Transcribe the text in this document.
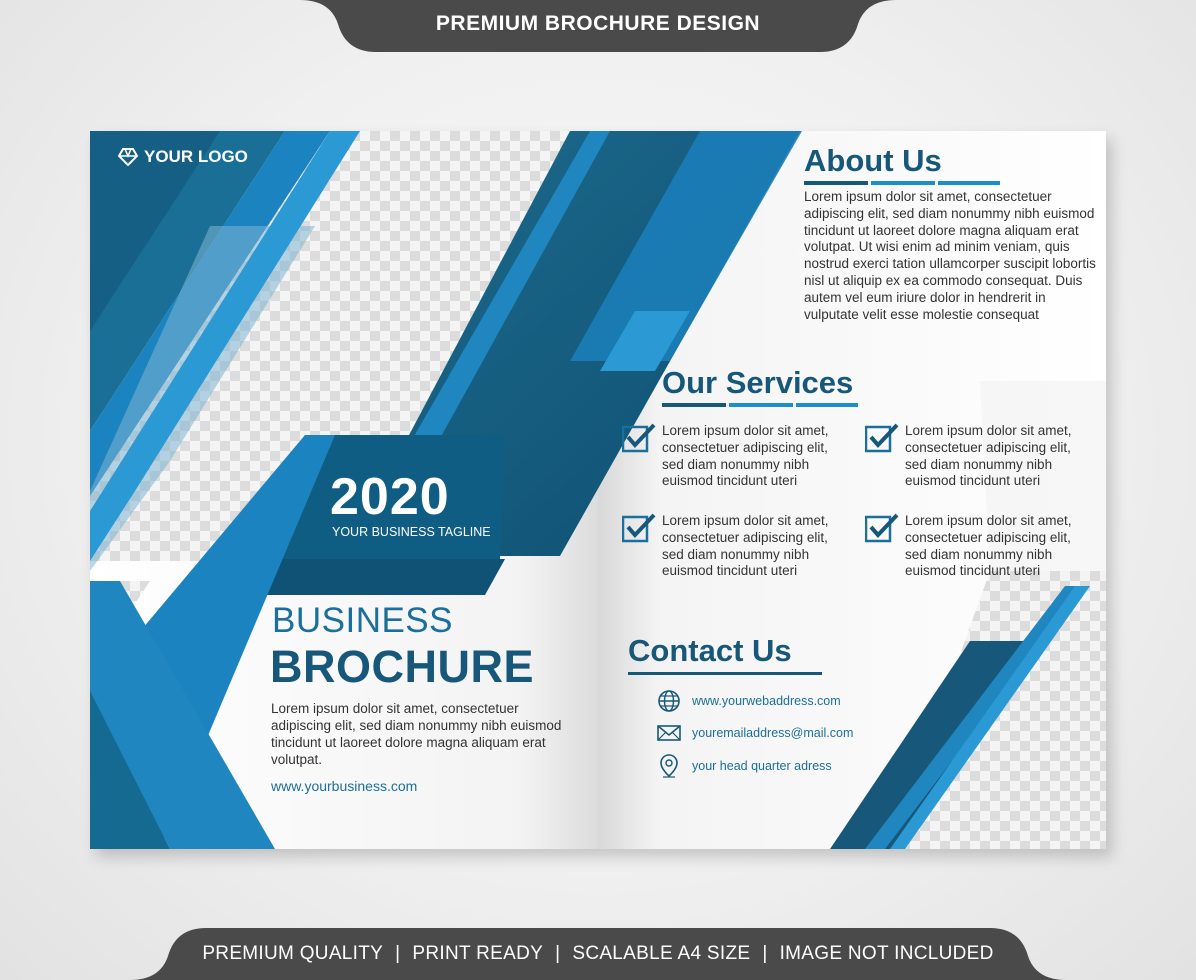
PREMIUM BROCHURE DESIGN
YOUR LOGO
2020
YOUR BUSINESS TAGLINE
BUSINESS
BROCHURE
Lorem ipsum dolor sit amet, consectetuer adipiscing elit, sed diam nonummy nibh euismod tincidunt ut laoreet dolore magna aliquam erat volutpat.
www.yourbusiness.com
About Us
Lorem ipsum dolor sit amet, consectetuer adipiscing elit, sed diam nonummy nibh euismod tincidunt ut laoreet dolore magna aliquam erat volutpat. Ut wisi enim ad minim veniam, quis nostrud exerci tation ullamcorper suscipit lobortis nisl ut aliquip ex ea commodo consequat. Duis autem vel eum iriure dolor in hendrerit in vulputate velit esse molestie consequat
Our Services
Lorem ipsum dolor sit amet, consectetuer adipiscing elit, sed diam nonummy nibh euismod tincidunt uteri
Lorem ipsum dolor sit amet, consectetuer adipiscing elit, sed diam nonummy nibh euismod tincidunt uteri
Lorem ipsum dolor sit amet, consectetuer adipiscing elit, sed diam nonummy nibh euismod tincidunt uteri
Lorem ipsum dolor sit amet, consectetuer adipiscing elit, sed diam nonummy nibh euismod tincidunt uteri
Contact Us
www.yourwebaddress.com
youremailaddress@mail.com
your head quarter adress
PREMIUM QUALITY | PRINT READY | SCALABLE A4 SIZE | IMAGE NOT INCLUDED
